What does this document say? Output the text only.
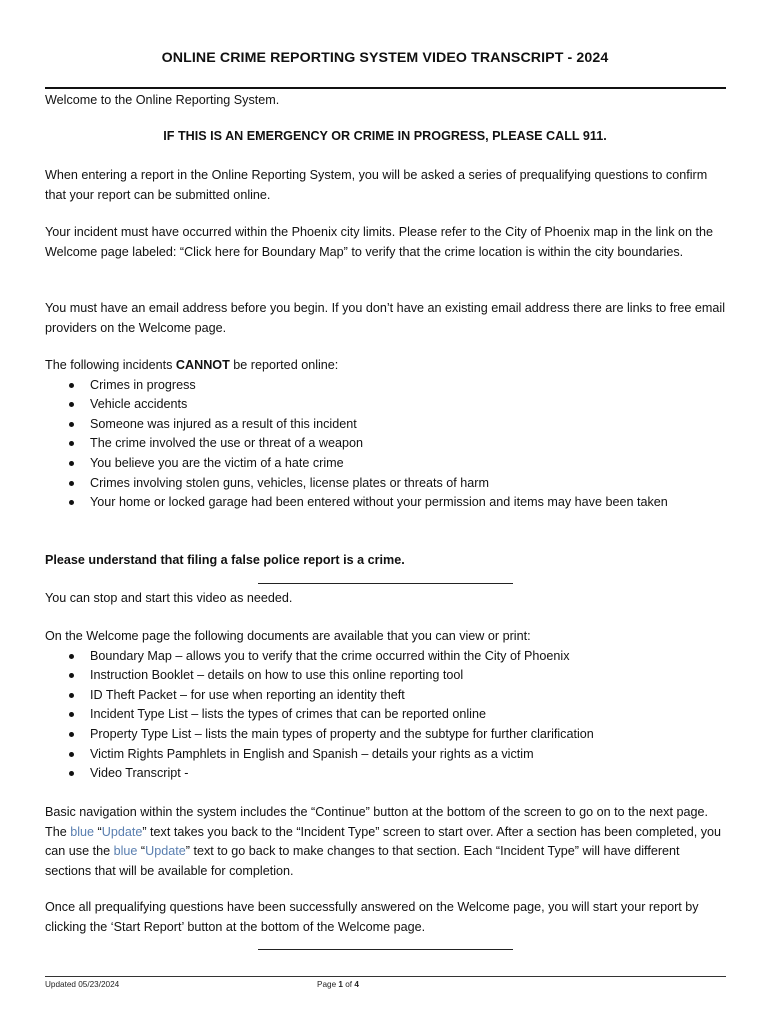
ONLINE CRIME REPORTING SYSTEM VIDEO TRANSCRIPT - 2024
Welcome to the Online Reporting System.
IF THIS IS AN EMERGENCY OR CRIME IN PROGRESS, PLEASE CALL 911.
When entering a report in the Online Reporting System, you will be asked a series of prequalifying questions to confirm that your report can be submitted online.
Your incident must have occurred within the Phoenix city limits. Please refer to the City of Phoenix map in the link on the Welcome page labeled: “Click here for Boundary Map” to verify that the crime location is within the city boundaries.
You must have an email address before you begin. If you don’t have an existing email address there are links to free email providers on the Welcome page.
The following incidents CANNOT be reported online:
Crimes in progress
Vehicle accidents
Someone was injured as a result of this incident
The crime involved the use or threat of a weapon
You believe you are the victim of a hate crime
Crimes involving stolen guns, vehicles, license plates or threats of harm
Your home or locked garage had been entered without your permission and items may have been taken
Please understand that filing a false police report is a crime.
You can stop and start this video as needed.
On the Welcome page the following documents are available that you can view or print:
Boundary Map – allows you to verify that the crime occurred within the City of Phoenix
Instruction Booklet – details on how to use this online reporting tool
ID Theft Packet – for use when reporting an identity theft
Incident Type List – lists the types of crimes that can be reported online
Property Type List – lists the main types of property and the subtype for further clarification
Victim Rights Pamphlets in English and Spanish – details your rights as a victim
Video Transcript -
Basic navigation within the system includes the “Continue” button at the bottom of the screen to go on to the next page. The blue “Update” text takes you back to the “Incident Type” screen to start over. After a section has been completed, you can use the blue “Update” text to go back to make changes to that section. Each “Incident Type” will have different sections that will be available for completion.
Once all prequalifying questions have been successfully answered on the Welcome page, you will start your report by clicking the ‘Start Report’ button at the bottom of the Welcome page.
Updated 05/23/2024	Page 1 of 4
